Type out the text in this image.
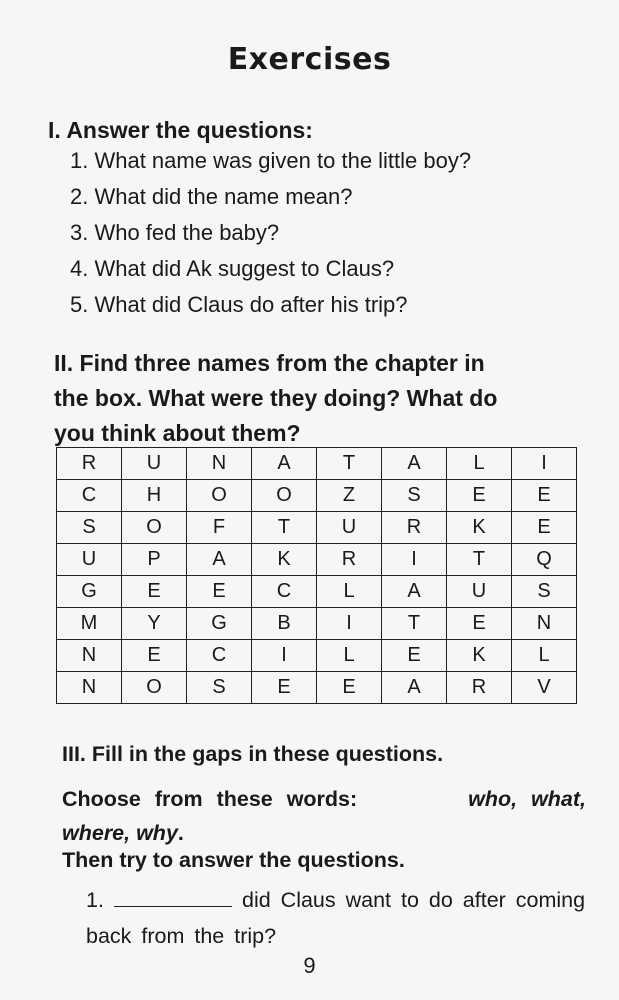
Exercises
I. Answer the questions:
1. What name was given to the little boy?
2. What did the name mean?
3. Who fed the baby?
4. What did Ak suggest to Claus?
5. What did Claus do after his trip?
II. Find three names from the chapter in
the box. What were they doing? What do
you think about them?
R	U	N	A	T	A	L	I
C	H	O	O	Z	S	E	E
S	O	F	T	U	R	K	E
U	P	A	K	R	I	T	Q
G	E	E	C	L	A	U	S
M	Y	G	B	I	T	E	N
N	E	C	I	L	E	K	L
N	O	S	E	E	A	R	V
III. Fill in the gaps in these questions.
Choose from these words:	who, what,
where, why.
Then try to answer the questions.
1.	did Claus want to do after coming back from the trip?
9
